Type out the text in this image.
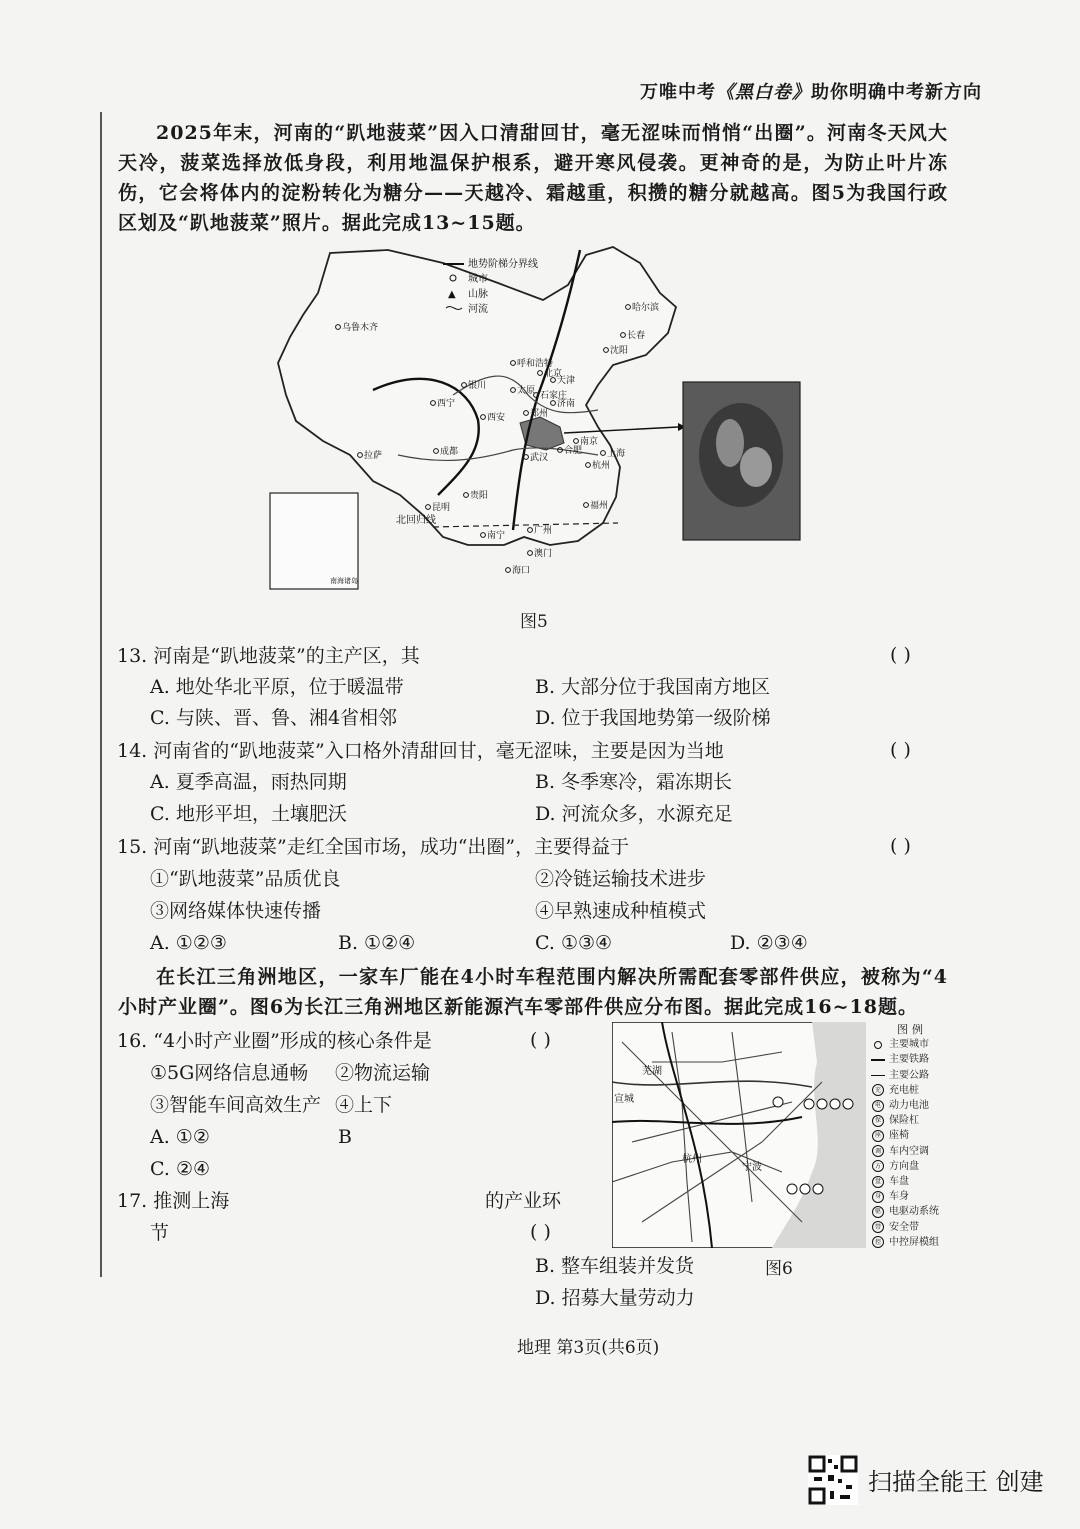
万唯中考《黑白卷》助你明确中考新方向
2025年末，河南的“趴地菠菜”因入口清甜回甘，毫无涩味而悄悄“出圈”。河南冬天风大天冷，菠菜选择放低身段，利用地温保护根系，避开寒风侵袭。更神奇的是，为防止叶片冻伤，它会将体内的淀粉转化为糖分——天越冷、霜越重，积攒的糖分就越高。图5为我国行政区划及“趴地菠菜”照片。据此完成13~15题。
地势阶梯分界线
城市
▲ 山脉
河流
乌鲁木齐
哈尔滨
长春
沈阳
呼和浩特
北京
天津
太原 石家庄
银川
西宁
郑州
西安
拉萨	成都
武汉
合肥
南京
上海
杭州
贵阳
昆明	福州
南宁	广州
澳门
海口
济南
北回归线
南海诸岛
图5
13. 河南是“趴地菠菜”的主产区，其	( )
A. 地处华北平原，位于暖温带	B. 大部分位于我国南方地区
C. 与陕、晋、鲁、湘4省相邻	D. 位于我国地势第一级阶梯
14. 河南省的“趴地菠菜”入口格外清甜回甘，毫无涩味，主要是因为当地	( )
A. 夏季高温，雨热同期	B. 冬季寒冷，霜冻期长
C. 地形平坦，土壤肥沃	D. 河流众多，水源充足
15. 河南“趴地菠菜”走红全国市场，成功“出圈”，主要得益于	( )
①“趴地菠菜”品质优良	②冷链运输技术进步
③网络媒体快速传播	④早熟速成种植模式
A. ①②③	B. ①②④	C. ①③④	D. ②③④
在长江三角洲地区，一家车厂能在4小时车程范围内解决所需配套零部件供应，被称为“4小时产业圈”。图6为长江三角洲地区新能源汽车零部件供应分布图。据此完成16~18题。
16. “4小时产业圈”形成的核心条件是	( )
①5G网络信息通畅 ②物流运输
③智能车间高效生产 ④上下
A. ①②	B
C. ②④
17. 推测上海	的产业环
节	( )
B. 整车组装并发货
D. 招募大量劳动力
宣城
杭州
宁波
芜湖
图例
主要城市
主要铁路
主要公路
充 充电桩
电 动力电池
保 保险杠
座 座椅
调 车内空调
方 方向盘
盘 车盘
身 车身
驱 电驱动系统
带 安全带
控 中控屏模组
图6
地理 第3页(共6页)
扫描全能王 创建
